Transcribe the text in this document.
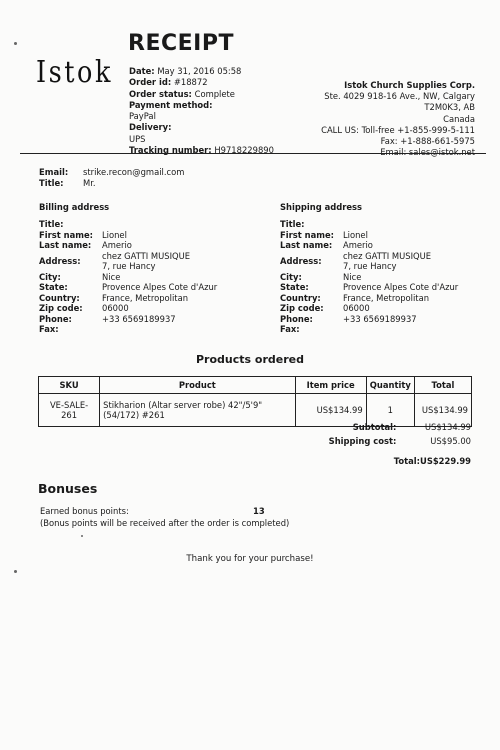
Istok
RECEIPT
Date: May 31, 2016 05:58
Order id: #18872
Order status: Complete
Payment method:
PayPal
Delivery:
UPS
Tracking number: H9718229890
Istok Church Supplies Corp.
Ste. 4029 918-16 Ave., NW, Calgary
T2M0K3, AB
Canada
CALL US: Toll-free +1-855-999-5-111
Fax: +1-888-661-5975
Email: sales@istok.net
Email: strike.recon@gmail.com
Title: Mr.
Billing address	Shipping address
Title:
First name: Lionel
Last name: Amerio
Address:	chez GATTI MUSIQUE
7, rue Hancy
City:	Nice
State:	Provence Alpes Cote d'Azur
Country:	France, Metropolitan
Zip code: 06000
Phone:	+33 6569189937
Fax:
Title:
First name: Lionel
Last name: Amerio
Address:	chez GATTI MUSIQUE
7, rue Hancy
City:	Nice
State:	Provence Alpes Cote d'Azur
Country:	France, Metropolitan
Zip code: 06000
Phone:	+33 6569189937
Fax:
Products ordered
SKU	Product	Item price	Quantity	Total
VE-SALE-261	Stikharion (Altar server robe) 42"/5'9" (54/172) #261	US$134.99	1	US$134.99
Subtotal:	US$134.99
Shipping cost:	US$95.00
Total:US$229.99
Bonuses
Earned bonus points:	13
(Bonus points will be received after the order is completed)
Thank you for your purchase!
